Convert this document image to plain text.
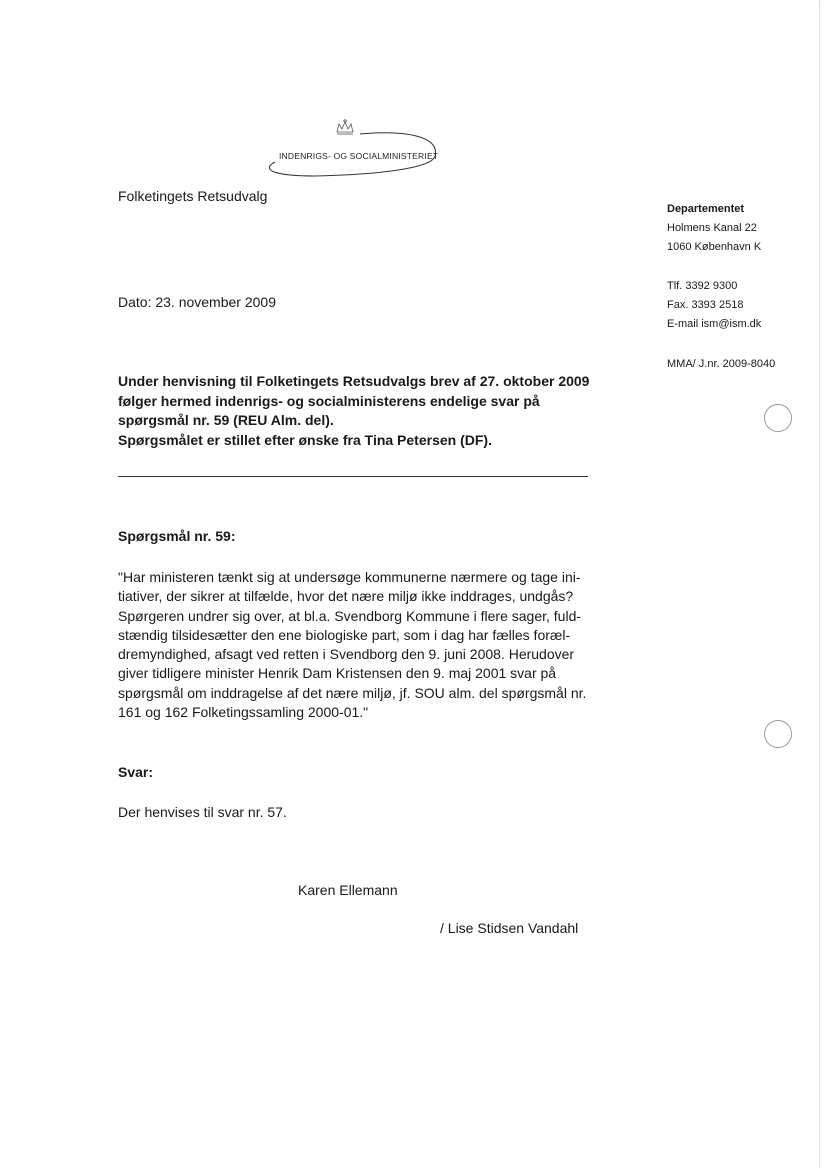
INDENRIGS- OG SOCIALMINISTERIET
Folketingets Retsudvalg
Departementet
Holmens Kanal 22
1060 København K
Tlf. 3392 9300
Fax. 3393 2518
E-mail ism@ism.dk
MMA/ J.nr. 2009-8040
Dato: 23. november 2009
Under henvisning til Folketingets Retsudvalgs brev af 27. oktober 2009
følger hermed indenrigs- og socialministerens endelige svar på
spørgsmål nr. 59 (REU Alm. del).
Spørgsmålet er stillet efter ønske fra Tina Petersen (DF).
Spørgsmål nr. 59:
"Har ministeren tænkt sig at undersøge kommunerne nærmere og tage ini-
tiativer, der sikrer at tilfælde, hvor det nære miljø ikke inddrages, undgås?
Spørgeren undrer sig over, at bl.a. Svendborg Kommune i flere sager, fuld-
stændig tilsidesætter den ene biologiske part, som i dag har fælles foræl-
dremyndighed, afsagt ved retten i Svendborg den 9. juni 2008. Herudover
giver tidligere minister Henrik Dam Kristensen den 9. maj 2001 svar på
spørgsmål om inddragelse af det nære miljø, jf. SOU alm. del spørgsmål nr.
161 og 162 Folketingssamling 2000-01."
Svar:
Der henvises til svar nr. 57.
Karen Ellemann
/ Lise Stidsen Vandahl
